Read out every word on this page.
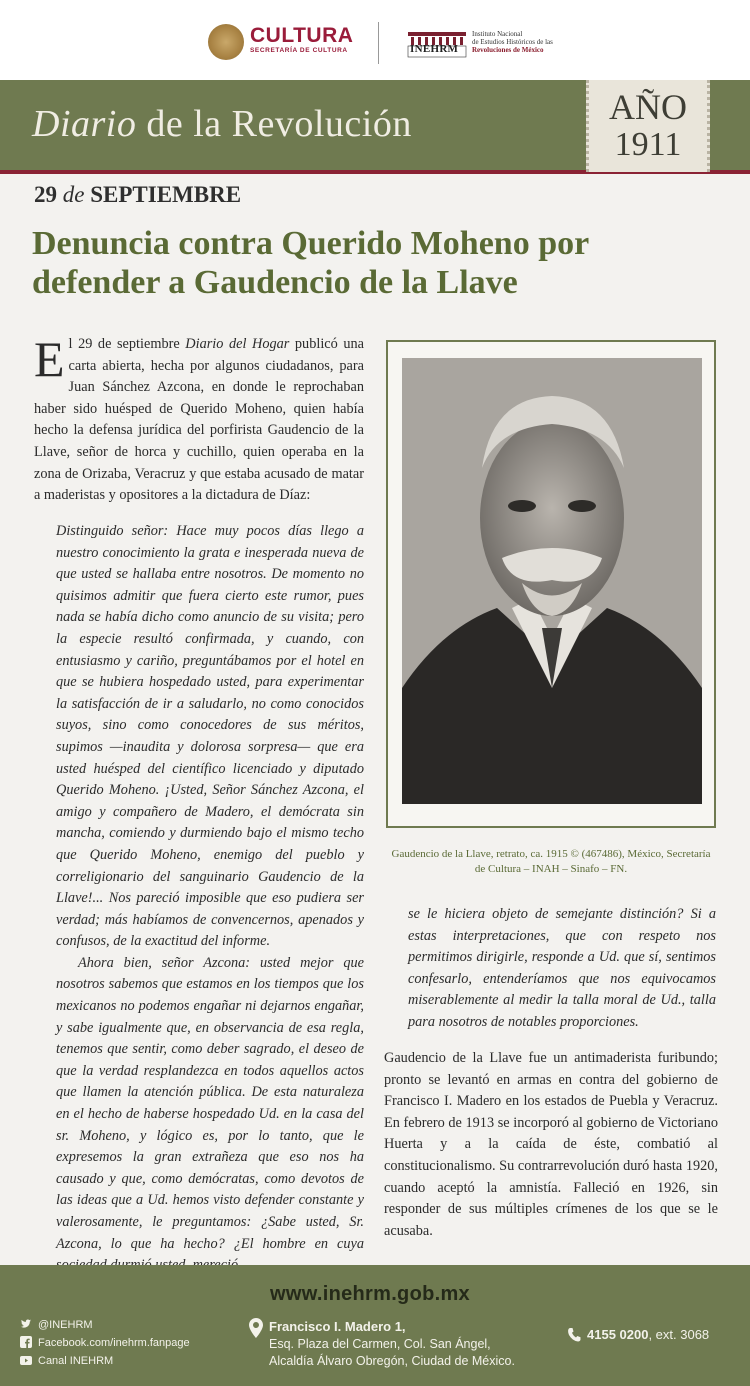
CULTURA
SECRETARÍA DE CULTURA	INEHRM
Instituto Nacional
de Estudios Históricos de las
Revoluciones de México
Diario de la Revolución	AÑO
1911
29 de SEPTIEMBRE
Denuncia contra Querido Moheno por defender a Gaudencio de la Llave
El 29 de septiembre Diario del Hogar publicó una carta abierta, hecha por algunos ciudadanos, para Juan Sánchez Azcona, en donde le reprochaban haber sido huésped de Querido Moheno, quien había hecho la defensa jurídica del porfirista Gaudencio de la Llave, señor de horca y cuchillo, quien operaba en la zona de Orizaba, Veracruz y que estaba acusado de matar a maderistas y opositores a la dictadura de Díaz:
Distinguido señor: Hace muy pocos días llego a nuestro conocimiento la grata e inesperada nueva de que usted se hallaba entre nosotros. De momento no quisimos admitir que fuera cierto este rumor, pues nada se había dicho como anuncio de su visita; pero la especie resultó confirmada, y cuando, con entusiasmo y cariño, preguntábamos por el hotel en que se hubiera hospedado usted, para experimentar la satisfacción de ir a saludarlo, no como conocidos suyos, sino como conocedores de sus méritos, supimos —inaudita y dolorosa sorpresa— que era usted huésped del científico licenciado y diputado Querido Moheno. ¡Usted, Señor Sánchez Azcona, el amigo y compañero de Madero, el demócrata sin mancha, comiendo y durmiendo bajo el mismo techo que Querido Moheno, enemigo del pueblo y correligionario del sanguinario Gaudencio de la Llave!... Nos pareció imposible que eso pudiera ser verdad; más habíamos de convencernos, apenados y confusos, de la exactitud del informe.
Ahora bien, señor Azcona: usted mejor que nosotros sabemos que estamos en los tiempos que los mexicanos no podemos engañar ni dejarnos engañar, y sabe igualmente que, en observancia de esa regla, tenemos que sentir, como deber sagrado, el deseo de que la verdad resplandezca en todos aquellos actos que llamen la atención pública. De esta naturaleza en el hecho de haberse hospedado Ud. en la casa del sr. Moheno, y lógico es, por lo tanto, que le expresemos la gran extrañeza que eso nos ha causado y que, como demócratas, como devotos de las ideas que a Ud. hemos visto defender constante y valerosamente, le preguntamos: ¿Sabe usted, Sr. Azcona, lo que ha hecho? ¿El hombre en cuya
Gaudencio de la Llave, retrato, ca. 1915 © (467486), México, Secretaría de Cultura – INAH – Sinafo – FN.
se le hiciera objeto de semejante distinción? Si a estas interpretaciones, que con respeto nos permitimos dirigirle, responde a Ud. que sí, sentimos confesarlo, entenderíamos que nos equivocamos miserablemente al medir la talla moral de Ud., talla para nosotros de notables proporciones.
Gaudencio de la Llave fue un antimaderista furibundo; pronto se levantó en armas en contra del gobierno de Francisco I. Madero en los estados de Puebla y Veracruz. En febrero de 1913 se incorporó al gobierno de Victoriano Huerta y a la caída de éste, combatió al constitucionalismo. Su contrarrevolución duró hasta 1920, cuando aceptó la amnistía. Falleció en 1926, sin responder de sus múltiples crímenes de los que se le acusaba.
www.inehrm.gob.mx
@INEHRM
Facebook.com/inehrm.fanpage
Canal INEHRM
Francisco I. Madero 1,
Esq. Plaza del Carmen, Col. San Ángel,
Alcaldía Álvaro Obregón, Ciudad de México.
4155 0200, ext. 3068
